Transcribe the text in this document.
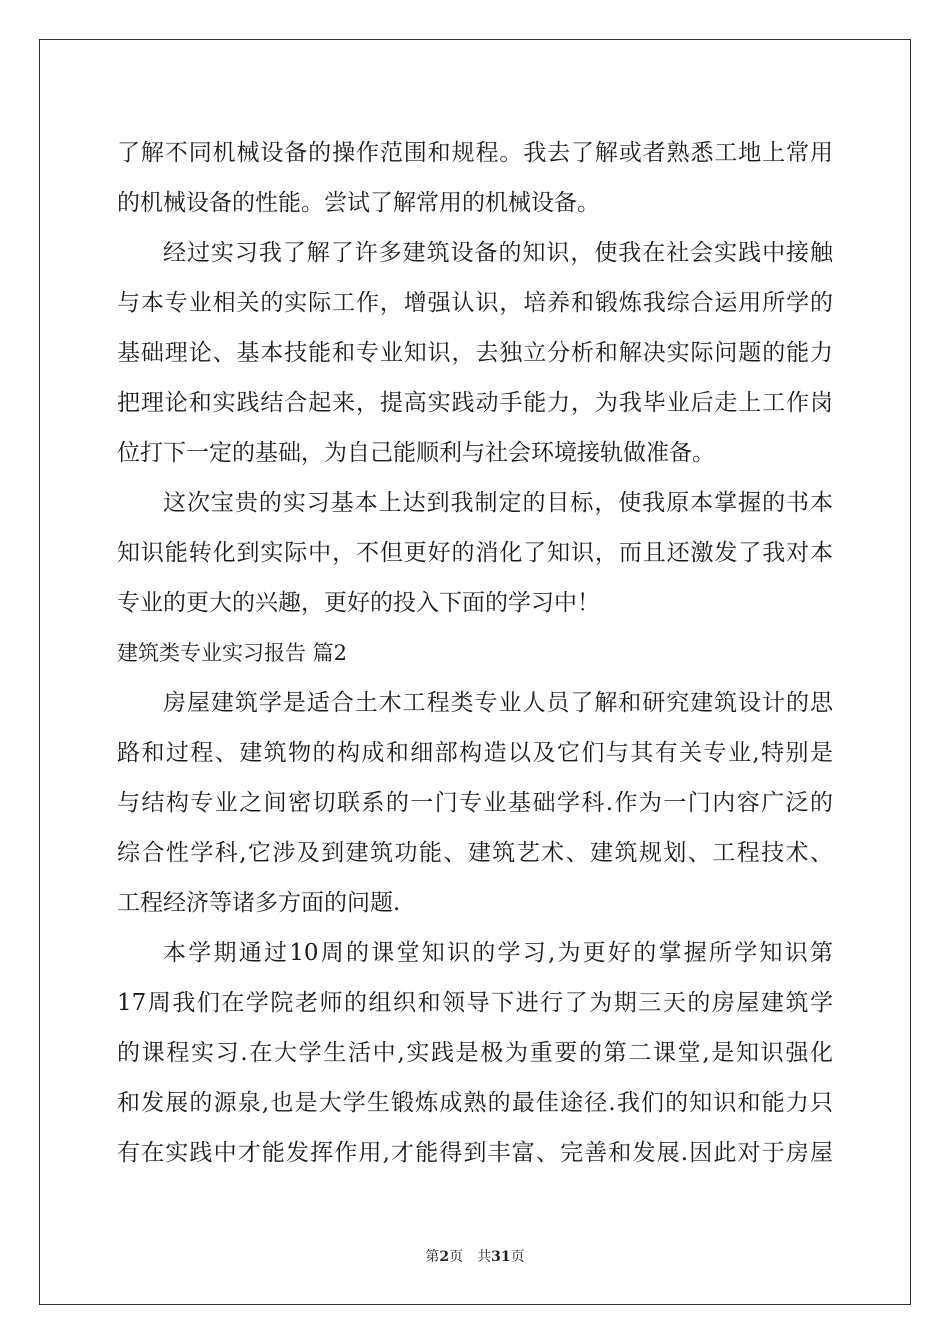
了解不同机械设备的操作范围和规程。我去了解或者熟悉工地上常用
的机械设备的性能。尝试了解常用的机械设备。
经过实习我了解了许多建筑设备的知识，使我在社会实践中接触
与本专业相关的实际工作，增强认识，培养和锻炼我综合运用所学的
基础理论、基本技能和专业知识，去独立分析和解决实际问题的能力
把理论和实践结合起来，提高实践动手能力，为我毕业后走上工作岗
位打下一定的基础，为自己能顺利与社会环境接轨做准备。
这次宝贵的实习基本上达到我制定的目标，使我原本掌握的书本
知识能转化到实际中，不但更好的消化了知识，而且还激发了我对本
专业的更大的兴趣，更好的投入下面的学习中！
建筑类专业实习报告 篇2
房屋建筑学是适合土木工程类专业人员了解和研究建筑设计的思
路和过程、建筑物的构成和细部构造以及它们与其有关专业,特别是
与结构专业之间密切联系的一门专业基础学科.作为一门内容广泛的
综合性学科,它涉及到建筑功能、建筑艺术、建筑规划、工程技术、
工程经济等诸多方面的问题.
本学期通过10周的课堂知识的学习,为更好的掌握所学知识第
17周我们在学院老师的组织和领导下进行了为期三天的房屋建筑学
的课程实习.在大学生活中,实践是极为重要的第二课堂,是知识强化
和发展的源泉,也是大学生锻炼成熟的最佳途径.我们的知识和能力只
有在实践中才能发挥作用,才能得到丰富、完善和发展.因此对于房屋
第2页 共31页
